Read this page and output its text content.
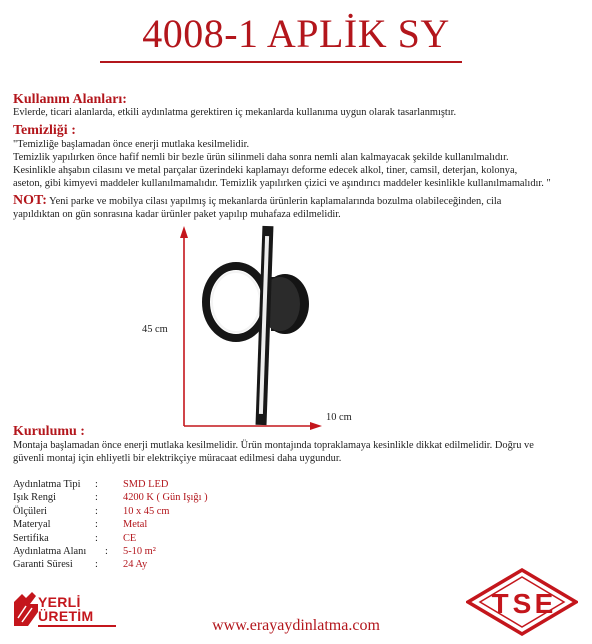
4008-1 APLİK SY
Kullanım Alanları:
Evlerde, ticari alanlarda, etkili aydınlatma gerektiren iç mekanlarda kullanıma uygun olarak tasarlanmıştır.
Temizliği :
"Temizliğe başlamadan önce enerji mutlaka kesilmelidir.
Temizlik yapılırken önce hafif nemli bir bezle ürün silinmeli daha sonra nemli alan kalmayacak şekilde kullanılmalıdır.
Kesinlikle ahşabın cilasını ve metal parçalar üzerindeki kaplamayı deforme edecek alkol, tiner, camsil, deterjan, kolonya,
aseton, gibi kimyevi maddeler kullanılmamalıdır. Temizlik yapılırken çizici ve aşındırıcı maddeler kesinlikle kullanılmamalıdır. "
NOT: Yeni parke ve mobilya cilası yapılmış iç mekanlarda ürünlerin kaplamalarında bozulma olabileceğinden, cila
yapıldıktan on gün sonrasına kadar ürünler paket yapılıp muhafaza edilmelidir.
45 cm
10 cm
Kurulumu :
Montaja başlamadan önce enerji mutlaka kesilmelidir. Ürün montajında topraklamaya kesinlikle dikkat edilmelidir. Doğru ve
güvenli montaj için ehliyetli bir elektrikçiye müracaat edilmesi daha uygundur.
Aydınlatma Tipi	:	SMD LED
Işık Rengi	:	4200 K ( Gün Işığı )
Ölçüleri	:	10 x 45 cm
Materyal	:	Metal
Sertifika	:	CE
Aydınlatma Alanı	:	5-10 m²
Garanti Süresi	:	24 Ay
YERLİ
ÜRETİM
www.erayaydinlatma.com
T S E
